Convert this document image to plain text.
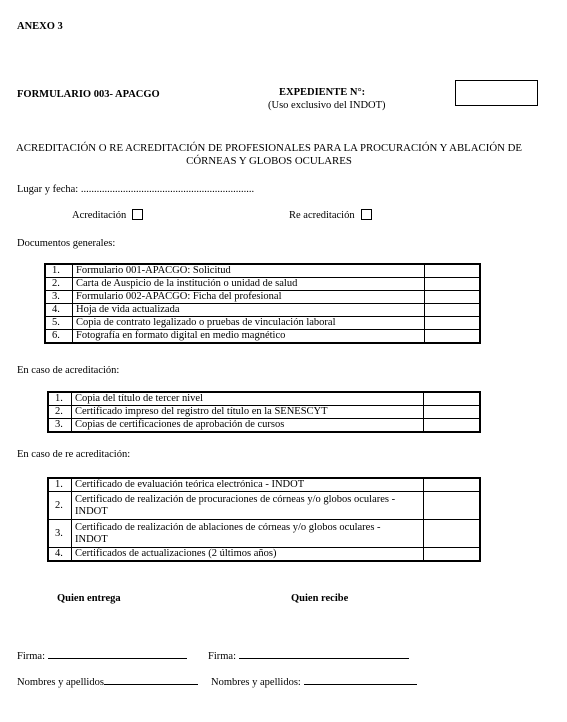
ANEXO 3
FORMULARIO 003- APACGO	EXPEDIENTE N°:
(Uso exclusivo del INDOT)
ACREDITACIÓN O RE ACREDITACIÓN DE PROFESIONALES PARA LA PROCURACIÓN Y ABLACIÓN DE
CÓRNEAS Y GLOBOS OCULARES
Lugar y fecha: ..................................................................
Acreditación	Re acreditación
Documentos generales:
1.	Formulario 001-APACGO: Solicitud	
2.	Carta de Auspicio de la institución o unidad de salud	
3.	Formulario 002-APACGO: Ficha del profesional	
4.	Hoja de vida actualizada	
5.	Copia de contrato legalizado o pruebas de vinculación laboral	
6.	Fotografía en formato digital en medio magnético	
En caso de acreditación:
1.	Copia del título de tercer nivel	
2.	Certificado impreso del registro del título en la SENESCYT	
3.	Copias de certificaciones de aprobación de cursos	
En caso de re acreditación:
1.	Certificado de evaluación teórica electrónica - INDOT	
2.	Certificado de realización de procuraciones de córneas y/o globos oculares -
INDOT	

3.	Certificado de realización de ablaciones de córneas y/o globos oculares -
INDOT	

4.	Certificados de actualizaciones (2 últimos años)	
Quien entrega	Quien recibe
Firma:	Firma:
Nombres y apellidos	Nombres y apellidos:
